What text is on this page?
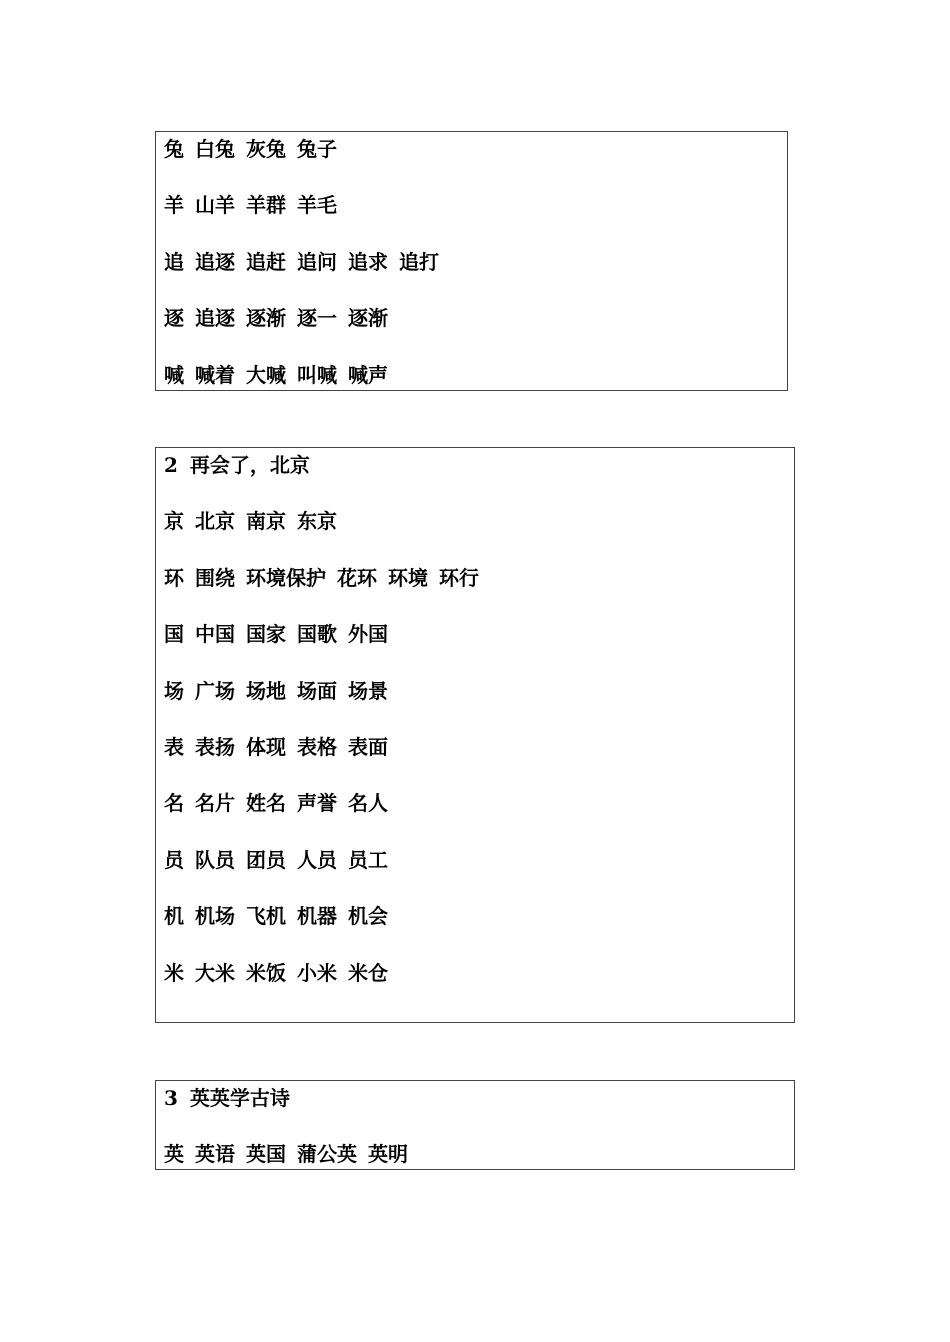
兔 白兔 灰兔 兔子
羊 山羊 羊群 羊毛
追 追逐 追赶 追问 追求 追打
逐 追逐 逐渐 逐一 逐渐
喊 喊着 大喊 叫喊 喊声
2 再会了，北京
京 北京 南京 东京
环 围绕 环境保护 花环 环境 环行
国 中国 国家 国歌 外国
场 广场 场地 场面 场景
表 表扬 体现 表格 表面
名 名片 姓名 声誉 名人
员 队员 团员 人员 员工
机 机场 飞机 机器 机会
米 大米 米饭 小米 米仓
3 英英学古诗
英 英语 英国 蒲公英 英明
